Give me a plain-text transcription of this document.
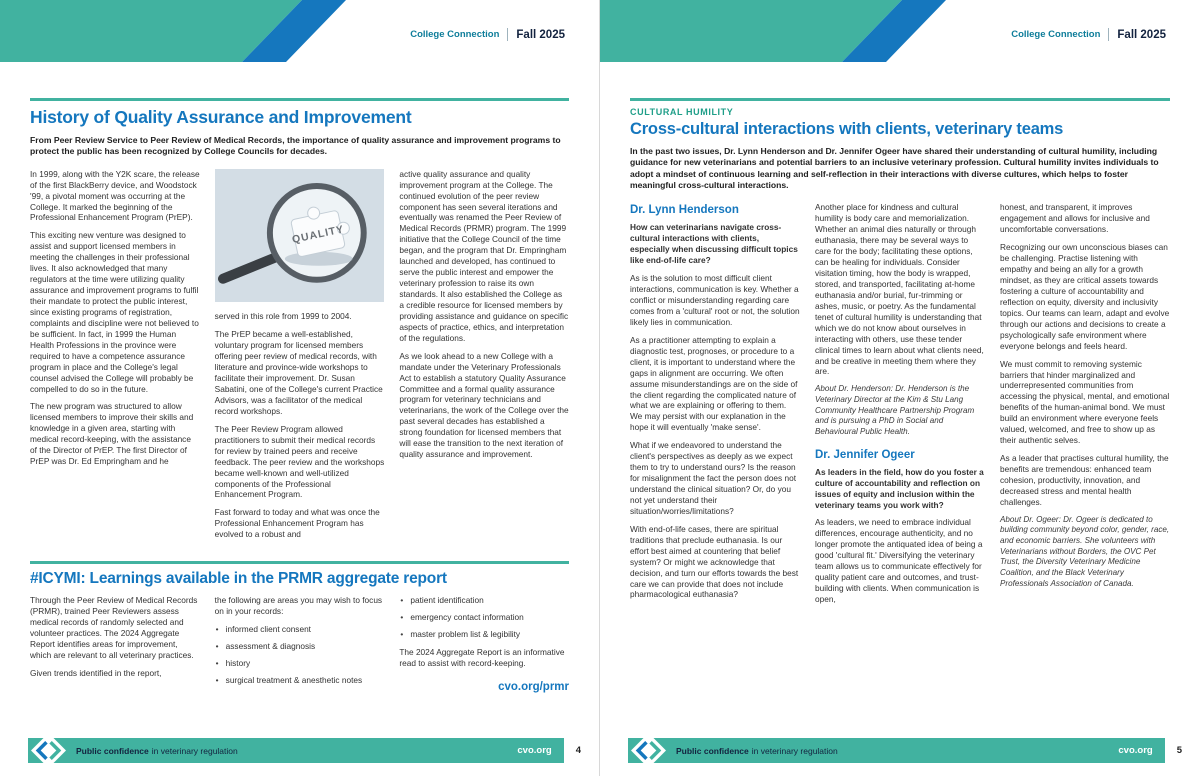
College Connection Fall 2025
History of Quality Assurance and Improvement

From Peer Review Service to Peer Review of Medical Records, the importance of quality assurance and improvement programs to protect the public has been recognized by College Councils for decades.

In 1999, along with the Y2K scare, the release of the first BlackBerry device, and Woodstock '99, a pivotal moment was occurring at the College. It marked the beginning of the Professional Enhancement Program (PrEP).

This exciting new venture was designed to assist and support licensed members in meeting the challenges in their professional lives. It also acknowledged that many regulators at the time were utilizing quality assurance and improvement programs to fulfil their mandate to protect the public interest, since existing programs of registration, complaints and discipline were not believed to be sufficient. In fact, in 1999 the Human Health Professions in the province were required to have a competence assurance program in place and the College's legal counsel advised the College will probably be compelled to do so in the future.

The new program was structured to allow licensed members to improve their skills and knowledge in a given area, starting with medical record-keeping, with the assistance of the Director of PrEP. The first Director of PrEP was Dr. Ed Empringham and he

QUALITY

served in this role from 1999 to 2004.

The PrEP became a well-established, voluntary program for licensed members offering peer review of medical records, with literature and province-wide workshops to facilitate their improvement. Dr. Susan Sabatini, one of the College's current Practice Advisors, was a facilitator of the medical record workshops.

The Peer Review Program allowed practitioners to submit their medical records for review by trained peers and receive feedback. The peer review and the workshops became well-known and well-utilized components of the Professional Enhancement Program.

Fast forward to today and what was once the Professional Enhancement Program has evolved to a robust and

active quality assurance and quality improvement program at the College. The continued evolution of the peer review component has seen several iterations and eventually was renamed the Peer Review of Medical Records (PRMR) program. The 1999 initiative that the College Council of the time began, and the program that Dr. Empringham launched and developed, has continued to serve the public interest and empower the veterinary profession to raise its own standards. It also established the College as a credible resource for licensed members by providing assistance and guidance on specific aspects of practice, ethics, and interpretation of the regulations.

As we look ahead to a new College with a mandate under the Veterinary Professionals Act to establish a statutory Quality Assurance Committee and a formal quality assurance program for veterinary technicians and veterinarians, the work of the College over the past several decades has established a strong foundation for licensed members that will ease the transition to the next iteration of quality assurance and improvement.

#ICYMI: Learnings available in the PRMR aggregate report

Through the Peer Review of Medical Records (PRMR), trained Peer Reviewers assess medical records of randomly selected and volunteer practices. The 2024 Aggregate Report identifies areas for improvement, which are relevant to all veterinary practices.

Given trends identified in the report,

the following are areas you may wish to focus on in your records:

• informed client consent
• assessment & diagnosis
• history
• surgical treatment & anesthetic notes
• patient identification
• emergency contact information
• master problem list & legibility

The 2024 Aggregate Report is an informative read to assist with record-keeping.

cvo.org/prmr
Public confidence in veterinary regulation	cvo.org	4
College Connection Fall 2025
CULTURAL HUMILITY
Cross-cultural interactions with clients, veterinary teams

In the past two issues, Dr. Lynn Henderson and Dr. Jennifer Ogeer have shared their understanding of cultural humility, including guidance for new veterinarians and potential barriers to an inclusive veterinary profession. Cultural humility invites individuals to adopt a mindset of continuous learning and self-reflection in their interactions with diverse cultures, which helps to foster meaningful cross-cultural interactions.

Dr. Lynn Henderson

How can veterinarians navigate cross-cultural interactions with clients, especially when discussing difficult topics like end-of-life care?

As is the solution to most difficult client interactions, communication is key. Whether a conflict or misunderstanding regarding care comes from a 'cultural' root or not, the solution likely lies in communication.

As a practitioner attempting to explain a diagnostic test, prognoses, or procedure to a client, it is important to understand where the gaps in alignment are occurring. We often assume misunderstandings are on the side of the client regarding the complicated nature of what we are explaining or offering to them. We may persist with our explanation in the hope it will eventually 'make sense'.

What if we endeavored to understand the client's perspectives as deeply as we expect them to try to understand ours? Is the reason for misalignment the fact the person does not understand the clinical situation? Or, do you not yet understand their situation/worries/limitations?

With end-of-life cases, there are spiritual traditions that preclude euthanasia. Is our effort best aimed at countering that belief system? Or might we acknowledge that decision, and turn our efforts towards the best care we can provide that does not include pharmacological euthanasia?

Another place for kindness and cultural humility is body care and memorialization. Whether an animal dies naturally or through euthanasia, there may be several ways to care for the body; facilitating these options, can be healing for individuals. Consider visitation timing, how the body is wrapped, stored, and transported, facilitating at-home euthanasia and/or burial, fur-trimming or ashes, music, or poetry. As the fundamental tenet of cultural humility is understanding that which we do not know about ourselves in interacting with others, use these tender clinical times to learn about what clients need, and be creative in meeting them where they are.

About Dr. Henderson: Dr. Henderson is the Veterinary Director at the Kim & Stu Lang Community Healthcare Partnership Program and is pursuing a PhD in Social and Behavioural Public Health.

Dr. Jennifer Ogeer

As leaders in the field, how do you foster a culture of accountability and reflection on issues of equity and inclusion within the veterinary teams you work with?

As leaders, we need to embrace individual differences, encourage authenticity, and no longer promote the antiquated idea of being a good 'cultural fit.' Diversifying the veterinary team allows us to communicate effectively for quality patient care and outcomes, and trust-building with clients. When communication is open,

honest, and transparent, it improves engagement and allows for inclusive and uncomfortable conversations.

Recognizing our own unconscious biases can be challenging. Practise listening with empathy and being an ally for a growth mindset, as they are critical assets towards fostering a culture of accountability and reflection on equity, diversity and inclusivity topics. Our teams can learn, adapt and evolve through our actions and decisions to create a psychologically safe environment where everyone belongs and feels heard.

We must commit to removing systemic barriers that hinder marginalized and underrepresented communities from accessing the physical, mental, and emotional benefits of the human-animal bond. We must build an environment where everyone feels valued, welcomed, and free to show up as their authentic selves.

As a leader that practises cultural humility, the benefits are tremendous: enhanced team cohesion, productivity, innovation, and decreased stress and mental health challenges.

About Dr. Ogeer: Dr. Ogeer is dedicated to building community beyond color, gender, race, and economic barriers. She volunteers with Veterinarians without Borders, the OVC Pet Trust, the Diversity Veterinary Medicine Coalition, and the Black Veterinary Professionals Association of Canada.

Public confidence in veterinary regulation	cvo.org	5
